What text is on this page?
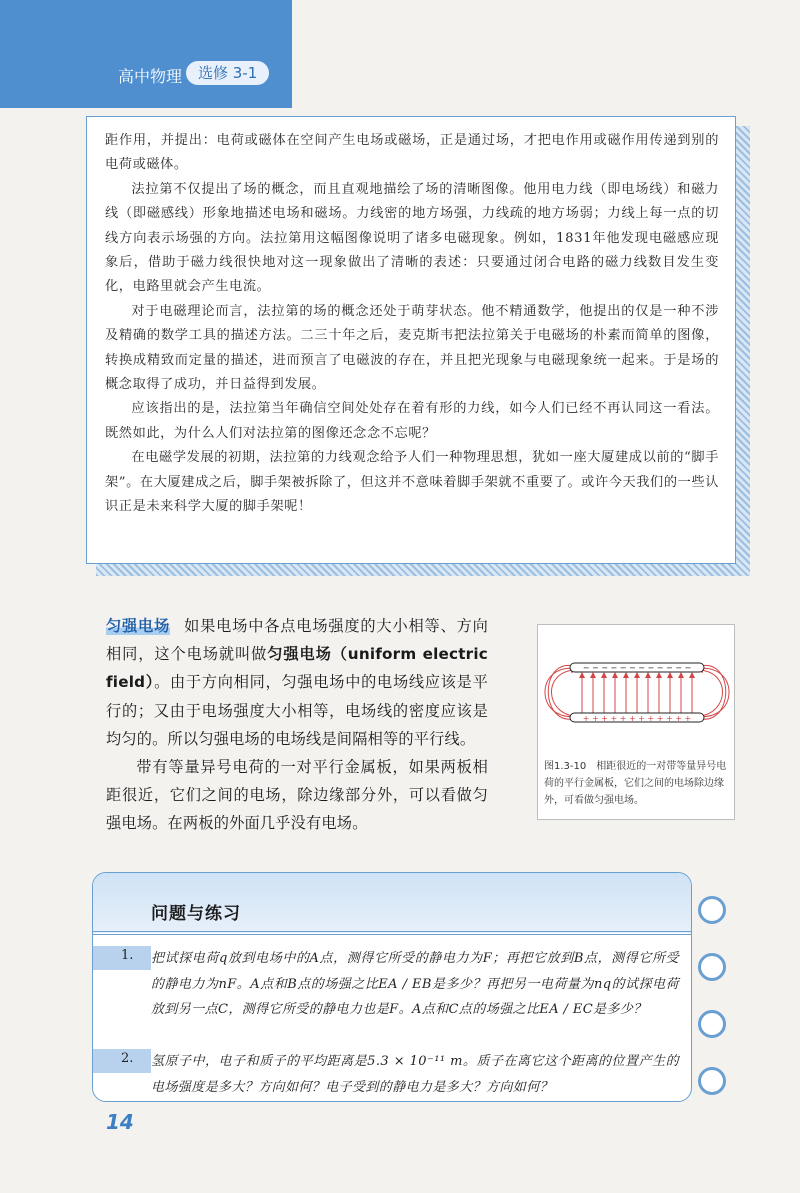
高中物理	选修 3-1

距作用，并提出：电荷或磁体在空间产生电场或磁场，正是通过场，才把电作用或磁作用传递到别的电荷或磁体。

法拉第不仅提出了场的概念，而且直观地描绘了场的清晰图像。他用电力线（即电场线）和磁力线（即磁感线）形象地描述电场和磁场。力线密的地方场强，力线疏的地方场弱；力线上每一点的切线方向表示场强的方向。法拉第用这幅图像说明了诸多电磁现象。例如，1831年他发现电磁感应现象后，借助于磁力线很快地对这一现象做出了清晰的表述：只要通过闭合电路的磁力线数目发生变化，电路里就会产生电流。

对于电磁理论而言，法拉第的场的概念还处于萌芽状态。他不精通数学，他提出的仅是一种不涉及精确的数学工具的描述方法。二三十年之后，麦克斯韦把法拉第关于电磁场的朴素而简单的图像，转换成精致而定量的描述，进而预言了电磁波的存在，并且把光现象与电磁现象统一起来。于是场的概念取得了成功，并日益得到发展。

应该指出的是，法拉第当年确信空间处处存在着有形的力线，如今人们已经不再认同这一看法。既然如此，为什么人们对法拉第的图像还念念不忘呢？

在电磁学发展的初期，法拉第的力线观念给予人们一种物理思想，犹如一座大厦建成以前的“脚手架”。在大厦建成之后，脚手架被拆除了，但这并不意味着脚手架就不重要了。或许今天我们的一些认识正是未来科学大厦的脚手架呢！

匀强电场 如果电场中各点电场强度的大小相等、方向相同，这个电场就叫做匀强电场（uniform electric field）。由于方向相同，匀强电场中的电场线应该是平行的；又由于电场强度大小相等，电场线的密度应该是均匀的。所以匀强电场的电场线是间隔相等的平行线。

带有等量异号电荷的一对平行金属板，如果两板相距很近，它们之间的电场，除边缘部分外，可以看做匀强电场。在两板的外面几乎没有电场。

− − − − − − − − − − − −
+ + + + + + + + + + + +
图1.3-10　相距很近的一对带等量异号电荷的平行金属板，它们之间的电场除边缘外，可看做匀强电场。
问题与练习
1. 把试探电荷q放到电场中的A点，测得它所受的静电力为F；再把它放到B点，测得它所受的静电力为nF。A点和B点的场强之比EA / EB是多少？再把另一电荷量为nq的试探电荷放到另一点C，测得它所受的静电力也是F。A点和C点的场强之比EA / EC是多少？
2. 氢原子中，电子和质子的平均距离是5.3 × 10⁻¹¹ m。质子在离它这个距离的位置产生的电场强度是多大？方向如何？电子受到的静电力是多大？方向如何？
14
